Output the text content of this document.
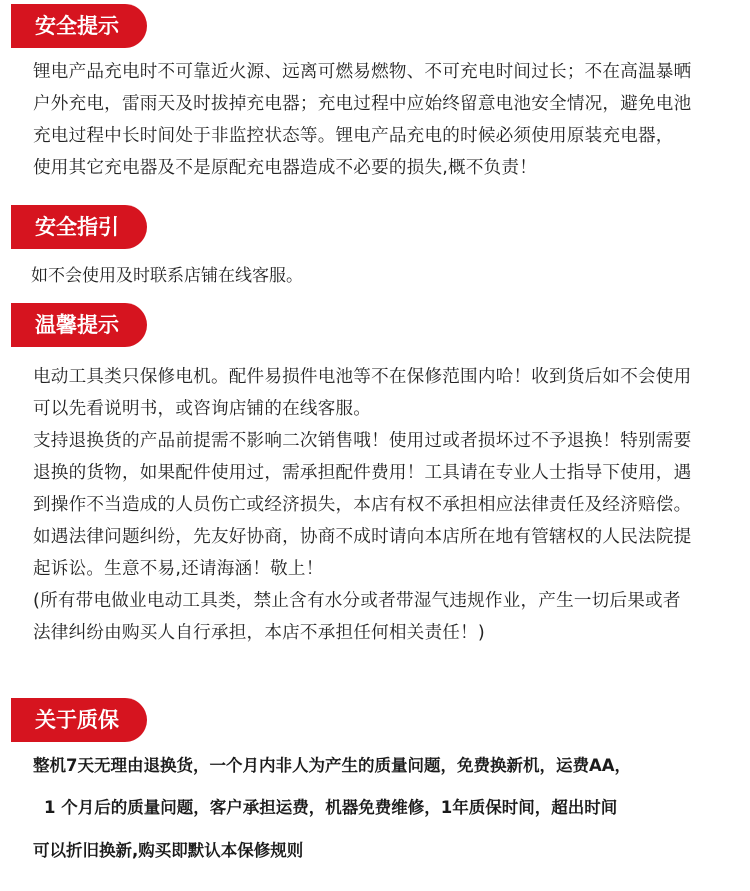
安全提示
锂电产品充电时不可靠近火源、远离可燃易燃物、不可充电时间过长；不在高温暴晒
户外充电，雷雨天及时拔掉充电器；充电过程中应始终留意电池安全情况，避免电池
充电过程中长时间处于非监控状态等。锂电产品充电的时候必须使用原装充电器，
使用其它充电器及不是原配充电器造成不必要的损失,概不负责！
安全指引
如不会使用及时联系店铺在线客服。
温馨提示
电动工具类只保修电机。配件易损件电池等不在保修范围内哈！收到货后如不会使用
可以先看说明书，或咨询店铺的在线客服。
支持退换货的产品前提需不影响二次销售哦！使用过或者损坏过不予退换！特别需要
退换的货物，如果配件使用过，需承担配件费用！工具请在专业人士指导下使用，遇
到操作不当造成的人员伤亡或经济损失，本店有权不承担相应法律责任及经济赔偿。
如遇法律问题纠纷，先友好协商，协商不成时请向本店所在地有管辖权的人民法院提
起诉讼。生意不易,还请海涵！敬上！
(所有带电做业电动工具类，禁止含有水分或者带湿气违规作业，产生一切后果或者
法律纠纷由购买人自行承担，本店不承担任何相关责任！)
关于质保
整机7天无理由退换货，一个月内非人为产生的质量问题，免费换新机，运费AA，
1 个月后的质量问题，客户承担运费，机器免费维修，1年质保时间，超出时间
可以折旧换新,购买即默认本保修规则
